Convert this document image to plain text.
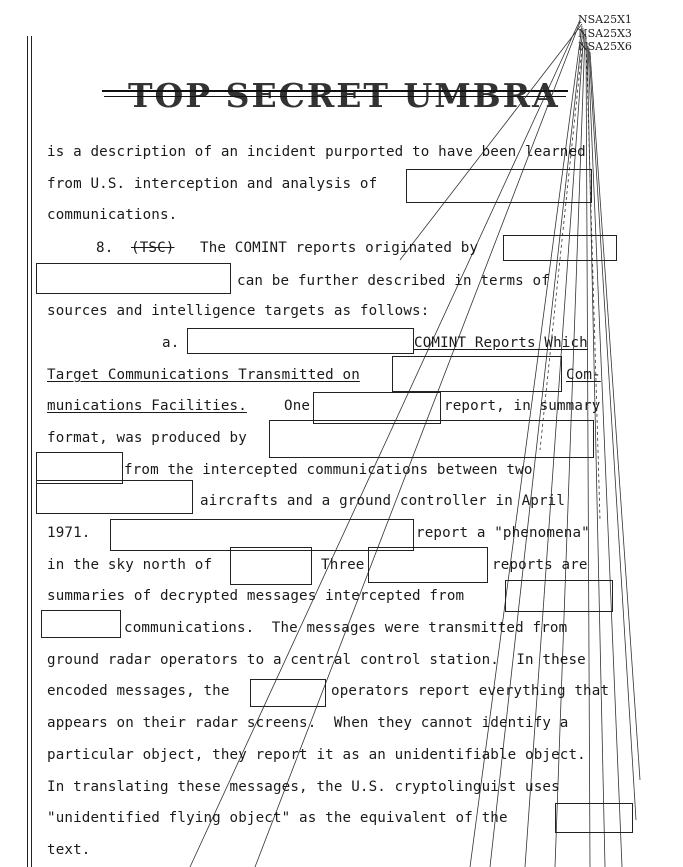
NSA25X1
NSA25X3
NSA25X6
is a description of an incident purported to have been learned
from U.S. interception and analysis of
communications.
8. (TSC) The COMINT reports originated by
can be further described in terms of
sources and intelligence targets as follows:
a.	COMINT Reports Which
Target Communications Transmitted on	Com-
munications Facilities.	One	report, in summary
format, was produced by
from the intercepted communications between two
aircrafts and a ground controller in April
1971.	report a "phenomena"
in the sky north of	Three	reports are
summaries of decrypted messages intercepted from
communications.  The messages were transmitted from
ground radar operators to a central control station.  In these
encoded messages, the	operators report everything that
appears on their radar screens.  When they cannot identify a
particular object, they report it as an unidentifiable object.
In translating these messages, the U.S. cryptolinguist uses
"unidentified flying object" as the equivalent of the
text.
